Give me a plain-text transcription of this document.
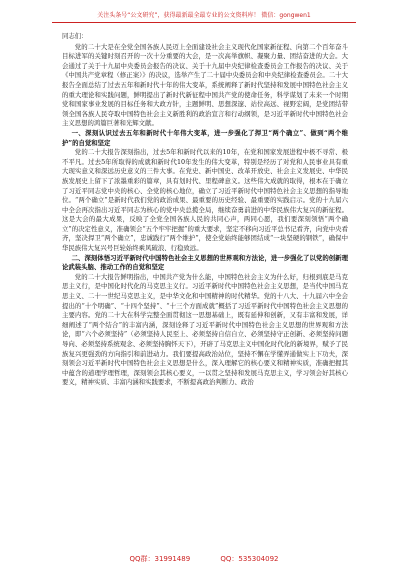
关注头条号“公文研究”，获得最新最全最专业的公文资料库！ 微信：gongwen1

同志们：

党的二十大是在全党全国各族人民迈上全面建设社会主义现代化国家新征程、向第二个百年奋斗目标进军的关键时刻召开的一次十分重要的大会，是一次高举旗帜、凝聚力量、团结奋进的大会。大会通过了关于十九届中央委员会报告的决议、关于十九届中央纪律检查委员会工作报告的决议、关于《中国共产党章程（修正案）》的决议，选举产生了二十届中央委员会和中央纪律检查委员会。二十大报告全面总结了过去五年和新时代十年的伟大变革，系统阐释了新时代坚持和发展中国特色社会主义的重大理论和实践问题，鲜明提出了新时代新征程中国共产党的使命任务，科学谋划了未来一个时期党和国家事业发展的目标任务和大政方针，主题鲜明、思想深邃、站位高远、视野宏阔，是党团结带领全国各族人民夺取中国特色社会主义新胜利的政治宣言和行动纲领，是习近平新时代中国特色社会主义思想的鸿篇巨著和光辉文献。

一、深刻认识过去五年和新时代十年伟大变革，进一步强化了捍卫“两个确立”、做到“两个维护”的自觉和坚定

党的二十大报告深刻指出，过去5年和新时代以来的10年，在党和国家发展进程中极不寻常、极不平凡。过去5年所取得的成就和新时代10年发生的伟大变革，特别是经历了对党和人民事业具有重大现实意义和深远历史意义的三件大事。在党史、新中国史、改革开放史、社会主义发展史、中华民族发展史上留下了浓墨重彩的篇章，具有划时代、里程碑意义。这些伟大成就的取得，根本在于确立了习近平同志党中央的核心、全党的核心地位，确立了习近平新时代中国特色社会主义思想的指导地位。“两个确立”是新时代我们党的政治成果、最重要的历史经验、最重要的实践启示。党的十九届六中全会再次指出习近平同志为核心的党中央总揽全局，继续奋勇前进的中华民族伟大复兴的新征程。这是大会的最大成果，反映了全党全国各族人民的共同心声，两同心愿，我们要深刻领悟“两个确立”的决定性意义，准确领会“五个牢牢把握”的重大要求，坚定不移向习近平总书记看齐，向党中央看齐，坚决捍卫“两个确立”，忠诚践行“两个维护”，使全党始终能够团结成“一块坚硬的钢铁”，确保中华民族伟大复兴号巨轮始终乘风破浪、行稳致远。

二、深刻体悟习近平新时代中国特色社会主义思想的世界观和方法论，进一步强化了以党的创新理论武装头脑、推动工作的自觉和坚定

党的二十大报告鲜明指出，中国共产党为什么能，中国特色社会主义为什么好，归根到底是马克思主义行，是中国化时代化的马克思主义行。习近平新时代中国特色社会主义思想，是当代中国马克思主义、二十一世纪马克思主义，是中华文化和中国精神的时代精华。党的十八大、十九届六中全会提出的“十个明确”、“十四个坚持”、“十三个方面成就”概括了习近平新时代中国特色社会主义思想的主要内容。党的二十大在科学完整全面贯彻这一思想基础上，既有延伸和创新，又有丰富和发展，详细阐述了“两个结合”的丰富内涵，深刻诠释了习近平新时代中国特色社会主义思想的世界观和方法论，即“六个必须坚持”（必须坚持人民至上、必须坚持自信自立、必须坚持守正创新、必须坚持问题导向、必须坚持系统观念、必须坚持胸怀天下），开辟了马克思主义中国化时代化的新境界，赋予了民族复兴更强劲的方向指引和前进动力。我们要提高政治站位，坚持不懈在学懂弄通做实上下功夫，深刻领会习近平新时代中国特色社会主义思想是什么，深入理解它的核心要义和精神实质，准确把握其中蕴含的道理学理哲理，深刻领会其核心要义，一以贯之坚持和发展马克思主义，学习领会好其核心要义，精神实质、丰富内涵和实践要求，不断提高政治判断力、政治

QQ群：31991489	QQ：535304092
